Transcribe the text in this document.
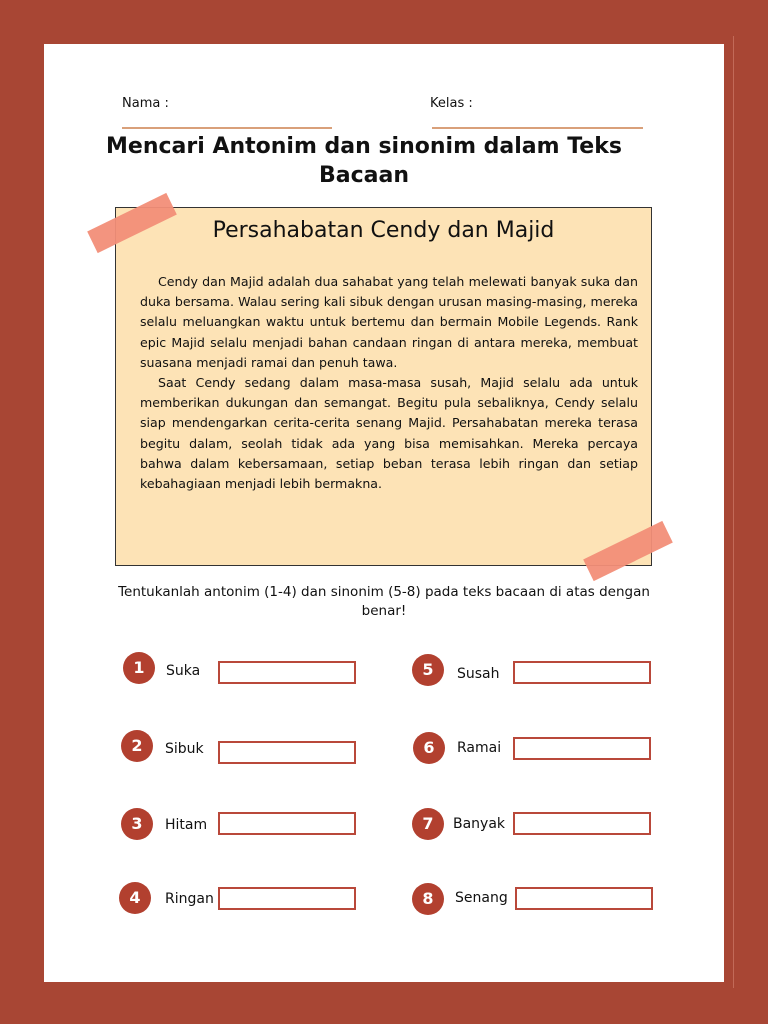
Nama :	Kelas :
Mencari Antonim dan sinonim dalam Teks Bacaan
Persahabatan Cendy dan Majid

Cendy dan Majid adalah dua sahabat yang telah melewati banyak suka dan duka bersama. Walau sering kali sibuk dengan urusan masing-masing, mereka selalu meluangkan waktu untuk bertemu dan bermain Mobile Legends. Rank epic Majid selalu menjadi bahan candaan ringan di antara mereka, membuat suasana menjadi ramai dan penuh tawa.

Saat Cendy sedang dalam masa-masa susah, Majid selalu ada untuk memberikan dukungan dan semangat. Begitu pula sebaliknya, Cendy selalu siap mendengarkan cerita-cerita senang Majid. Persahabatan mereka terasa begitu dalam, seolah tidak ada yang bisa memisahkan. Mereka percaya bahwa dalam kebersamaan, setiap beban terasa lebih ringan dan setiap kebahagiaan menjadi lebih bermakna.

Tentukanlah antonim (1-4) dan sinonim (5-8) pada teks bacaan di atas dengan benar!
1	Suka
2	Sibuk
3	Hitam
4	Ringan
5	Susah
6	Ramai
7	Banyak
8	Senang
